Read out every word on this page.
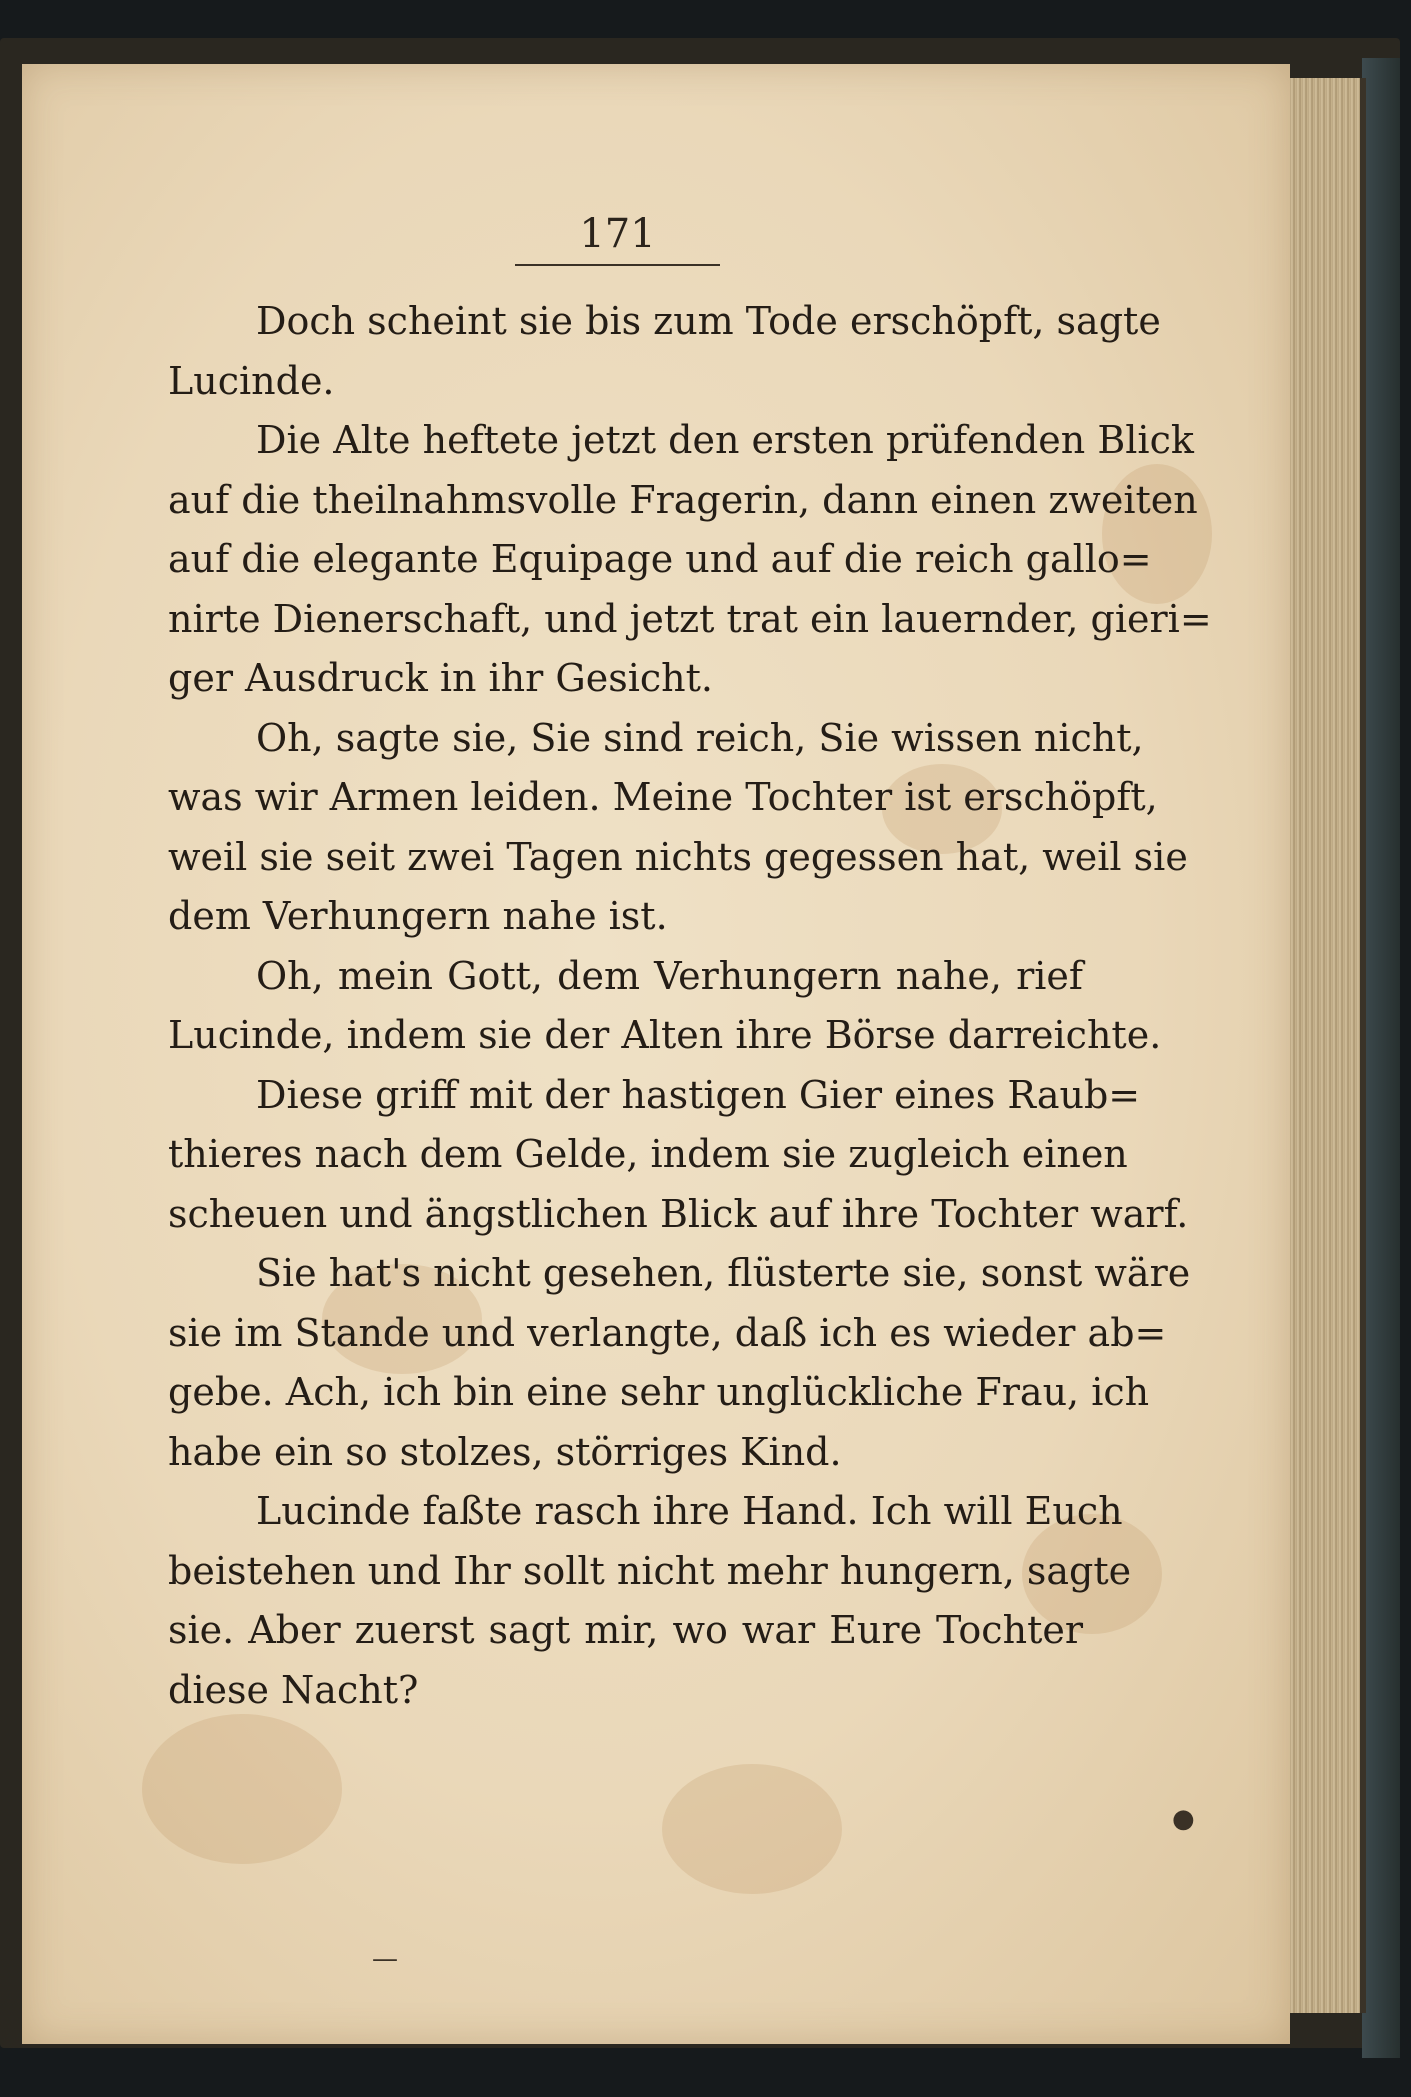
●
—
171
Doch scheint sie bis zum Tode erschöpft, sagte
Lucinde.
Die Alte heftete jetzt den ersten prüfenden Blick
auf die theilnahmsvolle Fragerin, dann einen zweiten
auf die elegante Equipage und auf die reich gallo=
nirte Dienerschaft, und jetzt trat ein lauernder, gieri=
ger Ausdruck in ihr Gesicht.
Oh, sagte sie, Sie sind reich, Sie wissen nicht,
was wir Armen leiden. Meine Tochter ist erschöpft,
weil sie seit zwei Tagen nichts gegessen hat, weil sie
dem Verhungern nahe ist.
Oh, mein Gott, dem Verhungern nahe, rief
Lucinde, indem sie der Alten ihre Börse darreichte.
Diese griff mit der hastigen Gier eines Raub=
thieres nach dem Gelde, indem sie zugleich einen
scheuen und ängstlichen Blick auf ihre Tochter warf.
Sie hat's nicht gesehen, flüsterte sie, sonst wäre
sie im Stande und verlangte, daß ich es wieder ab=
gebe. Ach, ich bin eine sehr unglückliche Frau, ich
habe ein so stolzes, störriges Kind.
Lucinde faßte rasch ihre Hand. Ich will Euch
beistehen und Ihr sollt nicht mehr hungern, sagte
sie. Aber zuerst sagt mir, wo war Eure Tochter
diese Nacht?
